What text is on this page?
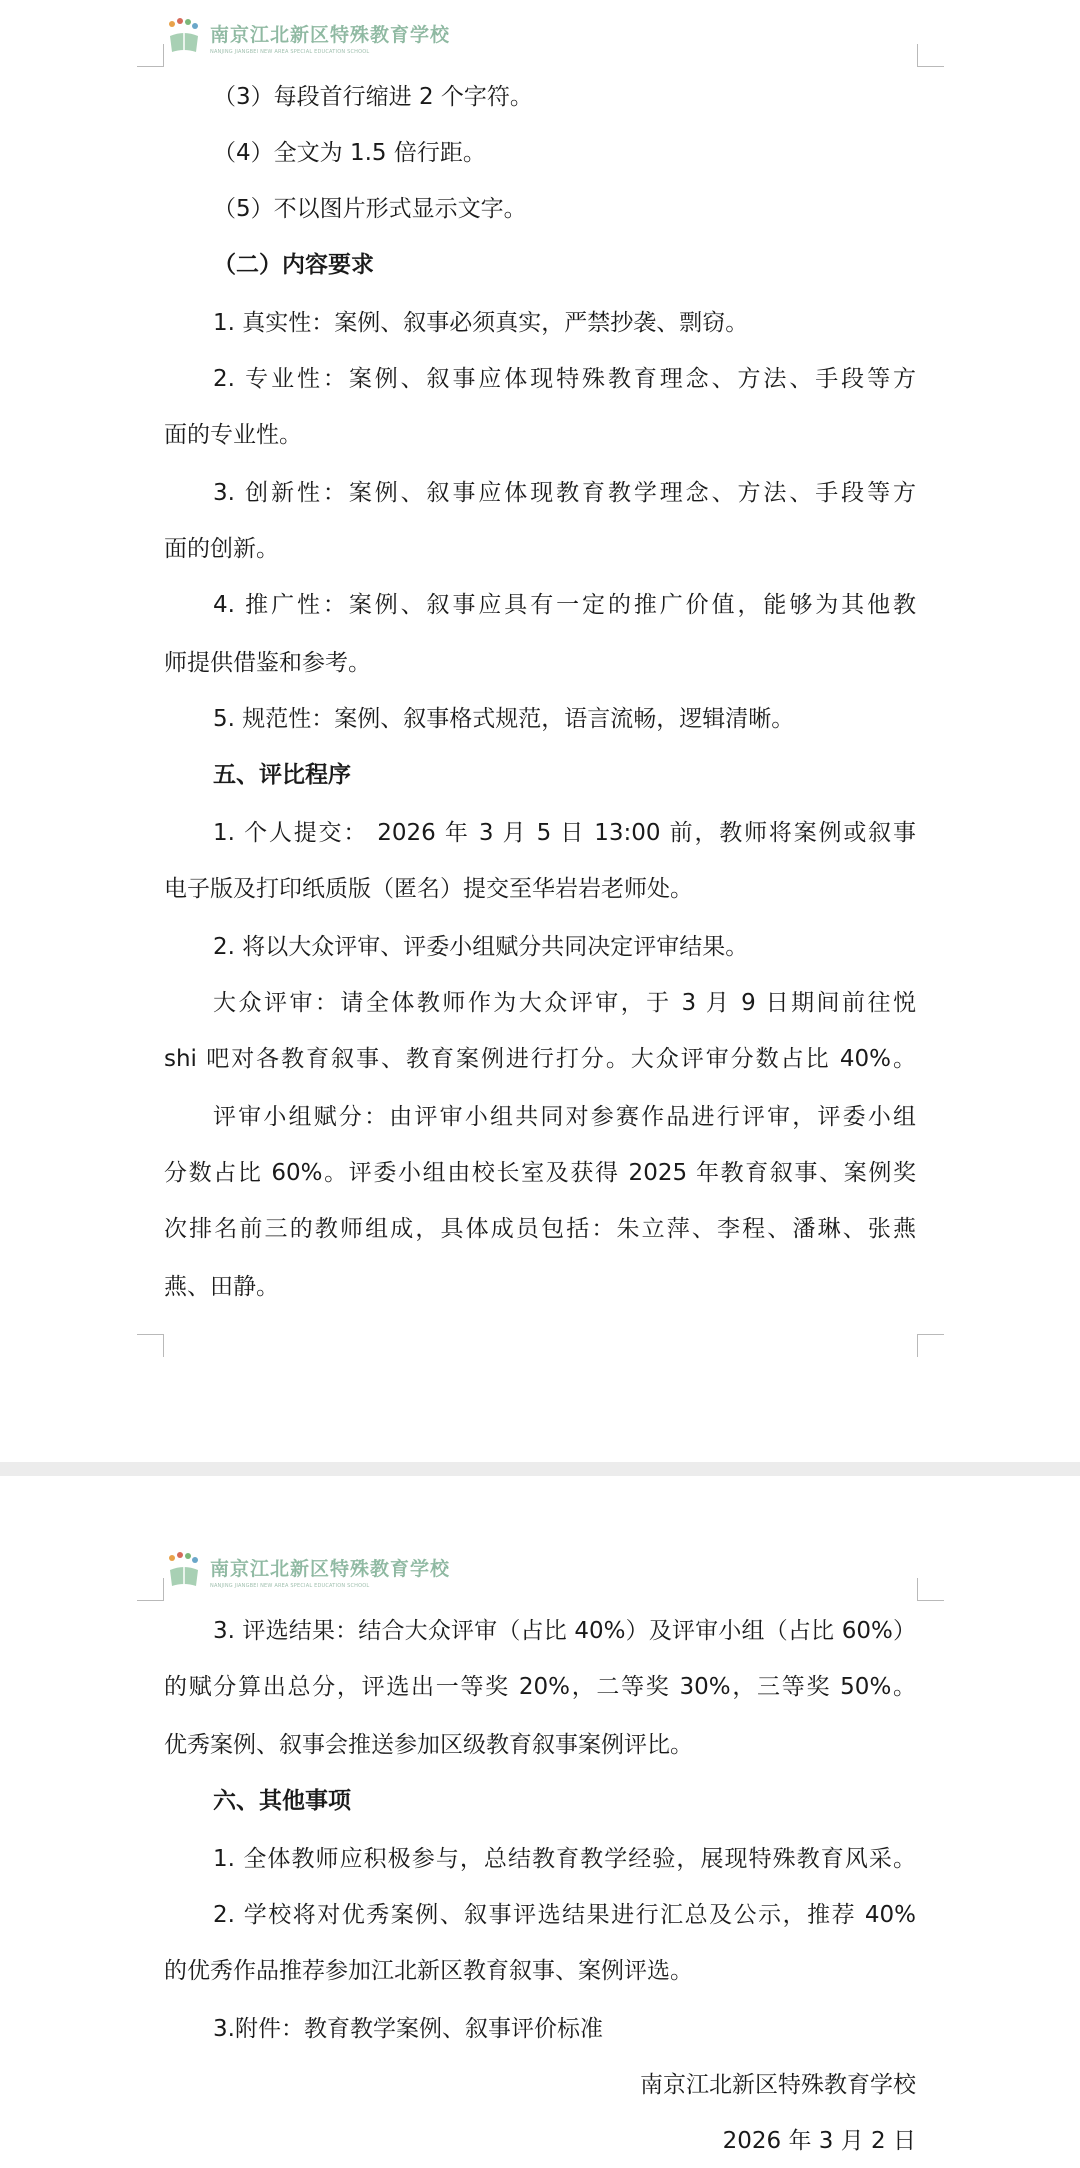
南京江北新区特殊教育学校
NANJING JIANGBEI NEW AREA SPECIAL EDUCATION SCHOOL
（3）每段首行缩进 2 个字符。
（4）全文为 1.5 倍行距。
（5）不以图片形式显示文字。
（二）内容要求
1. 真实性：案例、叙事必须真实，严禁抄袭、剽窃。
2. 专业性：案例、叙事应体现特殊教育理念、方法、手段等方
面的专业性。
3. 创新性：案例、叙事应体现教育教学理念、方法、手段等方
面的创新。
4. 推广性：案例、叙事应具有一定的推广价值，能够为其他教
师提供借鉴和参考。
5. 规范性：案例、叙事格式规范，语言流畅，逻辑清晰。
五、评比程序
1. 个人提交： 2026 年 3 月 5 日 13:00 前，教师将案例或叙事
电子版及打印纸质版（匿名）提交至华岩岩老师处。
2. 将以大众评审、评委小组赋分共同决定评审结果。
大众评审：请全体教师作为大众评审，于 3 月 9 日期间前往悦
shi 吧对各教育叙事、教育案例进行打分。大众评审分数占比 40%。
评审小组赋分：由评审小组共同对参赛作品进行评审，评委小组
分数占比 60%。评委小组由校长室及获得 2025 年教育叙事、案例奖
次排名前三的教师组成，具体成员包括：朱立萍、李程、潘琳、张燕
燕、田静。
南京江北新区特殊教育学校
NANJING JIANGBEI NEW AREA SPECIAL EDUCATION SCHOOL
3. 评选结果：结合大众评审（占比 40%）及评审小组（占比 60%）
的赋分算出总分，评选出一等奖 20%，二等奖 30%，三等奖 50%。
优秀案例、叙事会推送参加区级教育叙事案例评比。
六、其他事项
1. 全体教师应积极参与，总结教育教学经验，展现特殊教育风采。
2. 学校将对优秀案例、叙事评选结果进行汇总及公示，推荐 40%
的优秀作品推荐参加江北新区教育叙事、案例评选。
3.附件：教育教学案例、叙事评价标准
南京江北新区特殊教育学校
2026 年 3 月 2 日
